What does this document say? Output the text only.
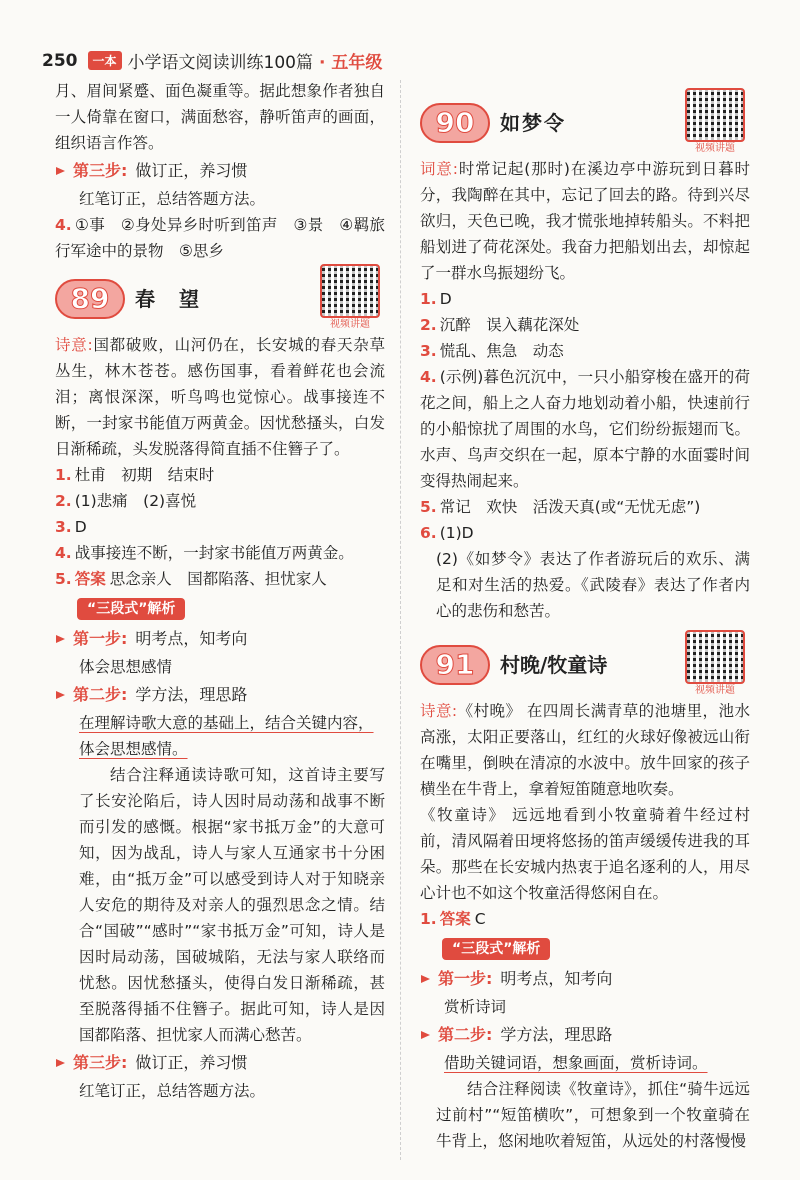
250	一本 小学语文阅读训练100篇 · 五年级

月、眉间紧蹙、面色凝重等。据此想象作者独自一人倚靠在窗口，满面愁容，静听笛声的画面，组织语言作答。

第三步: 做订正，养习惯

红笔订正，总结答题方法。

4. ①事　②身处异乡时听到笛声　③景　④羁旅行军途中的景物　⑤思乡

89	春　望
视频讲题

诗意:国都破败，山河仍在，长安城的春天杂草丛生，林木苍苍。感伤国事，看着鲜花也会流泪；离恨深深，听鸟鸣也觉惊心。战事接连不断，一封家书能值万两黄金。因忧愁搔头，白发日渐稀疏，头发脱落得简直插不住簪子了。

1. 杜甫　初期　结束时

2. (1)悲痛　(2)喜悦

3. D

4. 战事接连不断，一封家书能值万两黄金。

5. 答案 思念亲人　国都陷落、担忧家人

“三段式”解析
第一步: 明考点，知考向

体会思想感情

第二步: 学方法，理思路

在理解诗歌大意的基础上，结合关键内容，体会思想感情。

结合注释通读诗歌可知，这首诗主要写了长安沦陷后，诗人因时局动荡和战事不断而引发的感慨。根据“家书抵万金”的大意可知，因为战乱，诗人与家人互通家书十分困难，由“抵万金”可以感受到诗人对于知晓亲人安危的期待及对亲人的强烈思念之情。结合“国破”“感时”“家书抵万金”可知，诗人是因时局动荡，国破城陷，无法与家人联络而忧愁。因忧愁搔头，使得白发日渐稀疏，甚至脱落得插不住簪子。据此可知，诗人是因国都陷落、担忧家人而满心愁苦。

第三步: 做订正，养习惯

红笔订正，总结答题方法。

90	如梦令
视频讲题

词意:时常记起(那时)在溪边亭中游玩到日暮时分，我陶醉在其中，忘记了回去的路。待到兴尽欲归，天色已晚，我才慌张地掉转船头。不料把船划进了荷花深处。我奋力把船划出去，却惊起了一群水鸟振翅纷飞。

1. D

2. 沉醉　误入藕花深处

3. 慌乱、焦急　动态

4. (示例)暮色沉沉中，一只小船穿梭在盛开的荷花之间，船上之人奋力地划动着小船，快速前行的小船惊扰了周围的水鸟，它们纷纷振翅而飞。水声、鸟声交织在一起，原本宁静的水面霎时间变得热闹起来。

5. 常记　欢快　活泼天真(或“无忧无虑”)

6. (1)D

(2)《如梦令》表达了作者游玩后的欢乐、满足和对生活的热爱。《武陵春》表达了作者内心的悲伤和愁苦。

91	村晚/牧童诗
视频讲题

诗意:《村晚》 在四周长满青草的池塘里，池水高涨，太阳正要落山，红红的火球好像被远山衔在嘴里，倒映在清凉的水波中。放牛回家的孩子横坐在牛背上，拿着短笛随意地吹奏。

《牧童诗》 远远地看到小牧童骑着牛经过村前，清风隔着田埂将悠扬的笛声缓缓传进我的耳朵。那些在长安城内热衷于追名逐利的人，用尽心计也不如这个牧童活得悠闲自在。

1. 答案 C

“三段式”解析
第一步: 明考点，知考向

赏析诗词

第二步: 学方法，理思路

借助关键词语，想象画面，赏析诗词。

结合注释阅读《牧童诗》，抓住“骑牛远远过前村”“短笛横吹”，可想象到一个牧童骑在牛背上，悠闲地吹着短笛，从远处的村落慢慢
